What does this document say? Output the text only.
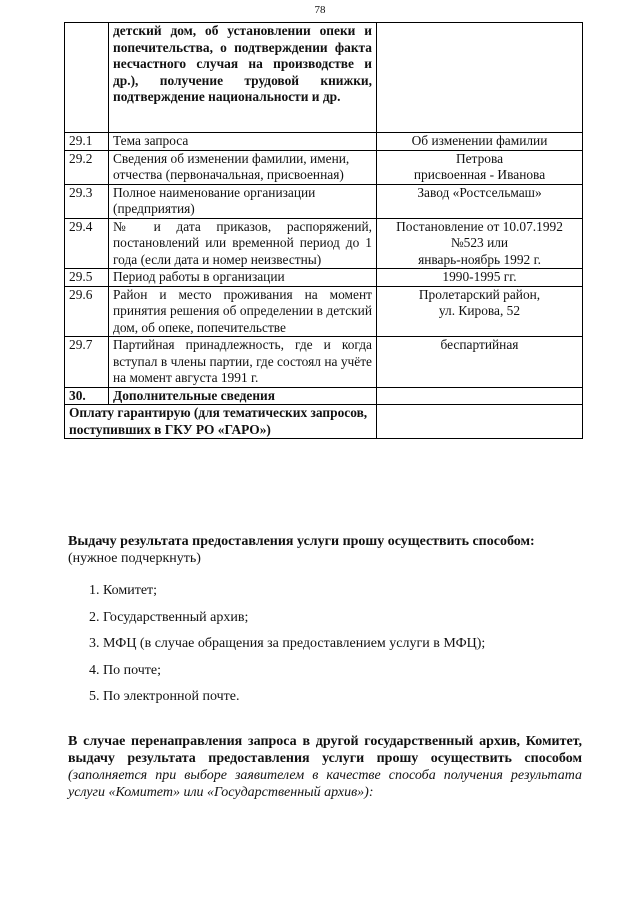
78
	детский дом, об установлении опеки и попечительства, о подтверждении факта несчастного случая на производстве и др.), получение трудовой книжки, подтверждение национальности и др.	
29.1	Тема запроса	Об изменении фамилии
29.2	Сведения об изменении фамилии, имени, отчества (первоначальная, присвоенная)	Петрова
присвоенная - Иванова

29.3	Полное наименование организации (предприятия)	Завод «Ростсельмаш»
29.4	№ и дата приказов, распоряжений, постановлений или временной период до 1 года (если дата и номер неизвестны)	Постановление от 10.07.1992
№523 или
январь-ноябрь 1992 г.

29.5	Период работы в организации	1990-1995 гг.
29.6	Район и место проживания на момент принятия решения об определении в детский дом, об опеке, попечительстве	Пролетарский район,
ул. Кирова, 52

29.7	Партийная принадлежность, где и когда вступал в члены партии, где состоял на учёте на момент августа 1991 г.	беспартийная
30.	Дополнительные сведения	
Оплату гарантирую (для тематических запросов, поступивших в ГКУ РО «ГАРО»)		
Выдачу результата предоставления услуги прошу осуществить способом:
(нужное подчеркнуть)
1. Комитет;
2. Государственный архив;
3. МФЦ (в случае обращения за предоставлением услуги в МФЦ);
4. По почте;
5. По электронной почте.
В случае перенаправления запроса в другой государственный архив, Комитет, выдачу результата предоставления услуги прошу осуществить способом (заполняется при выборе заявителем в качестве способа получения результата услуги «Комитет» или «Государственный архив»):
